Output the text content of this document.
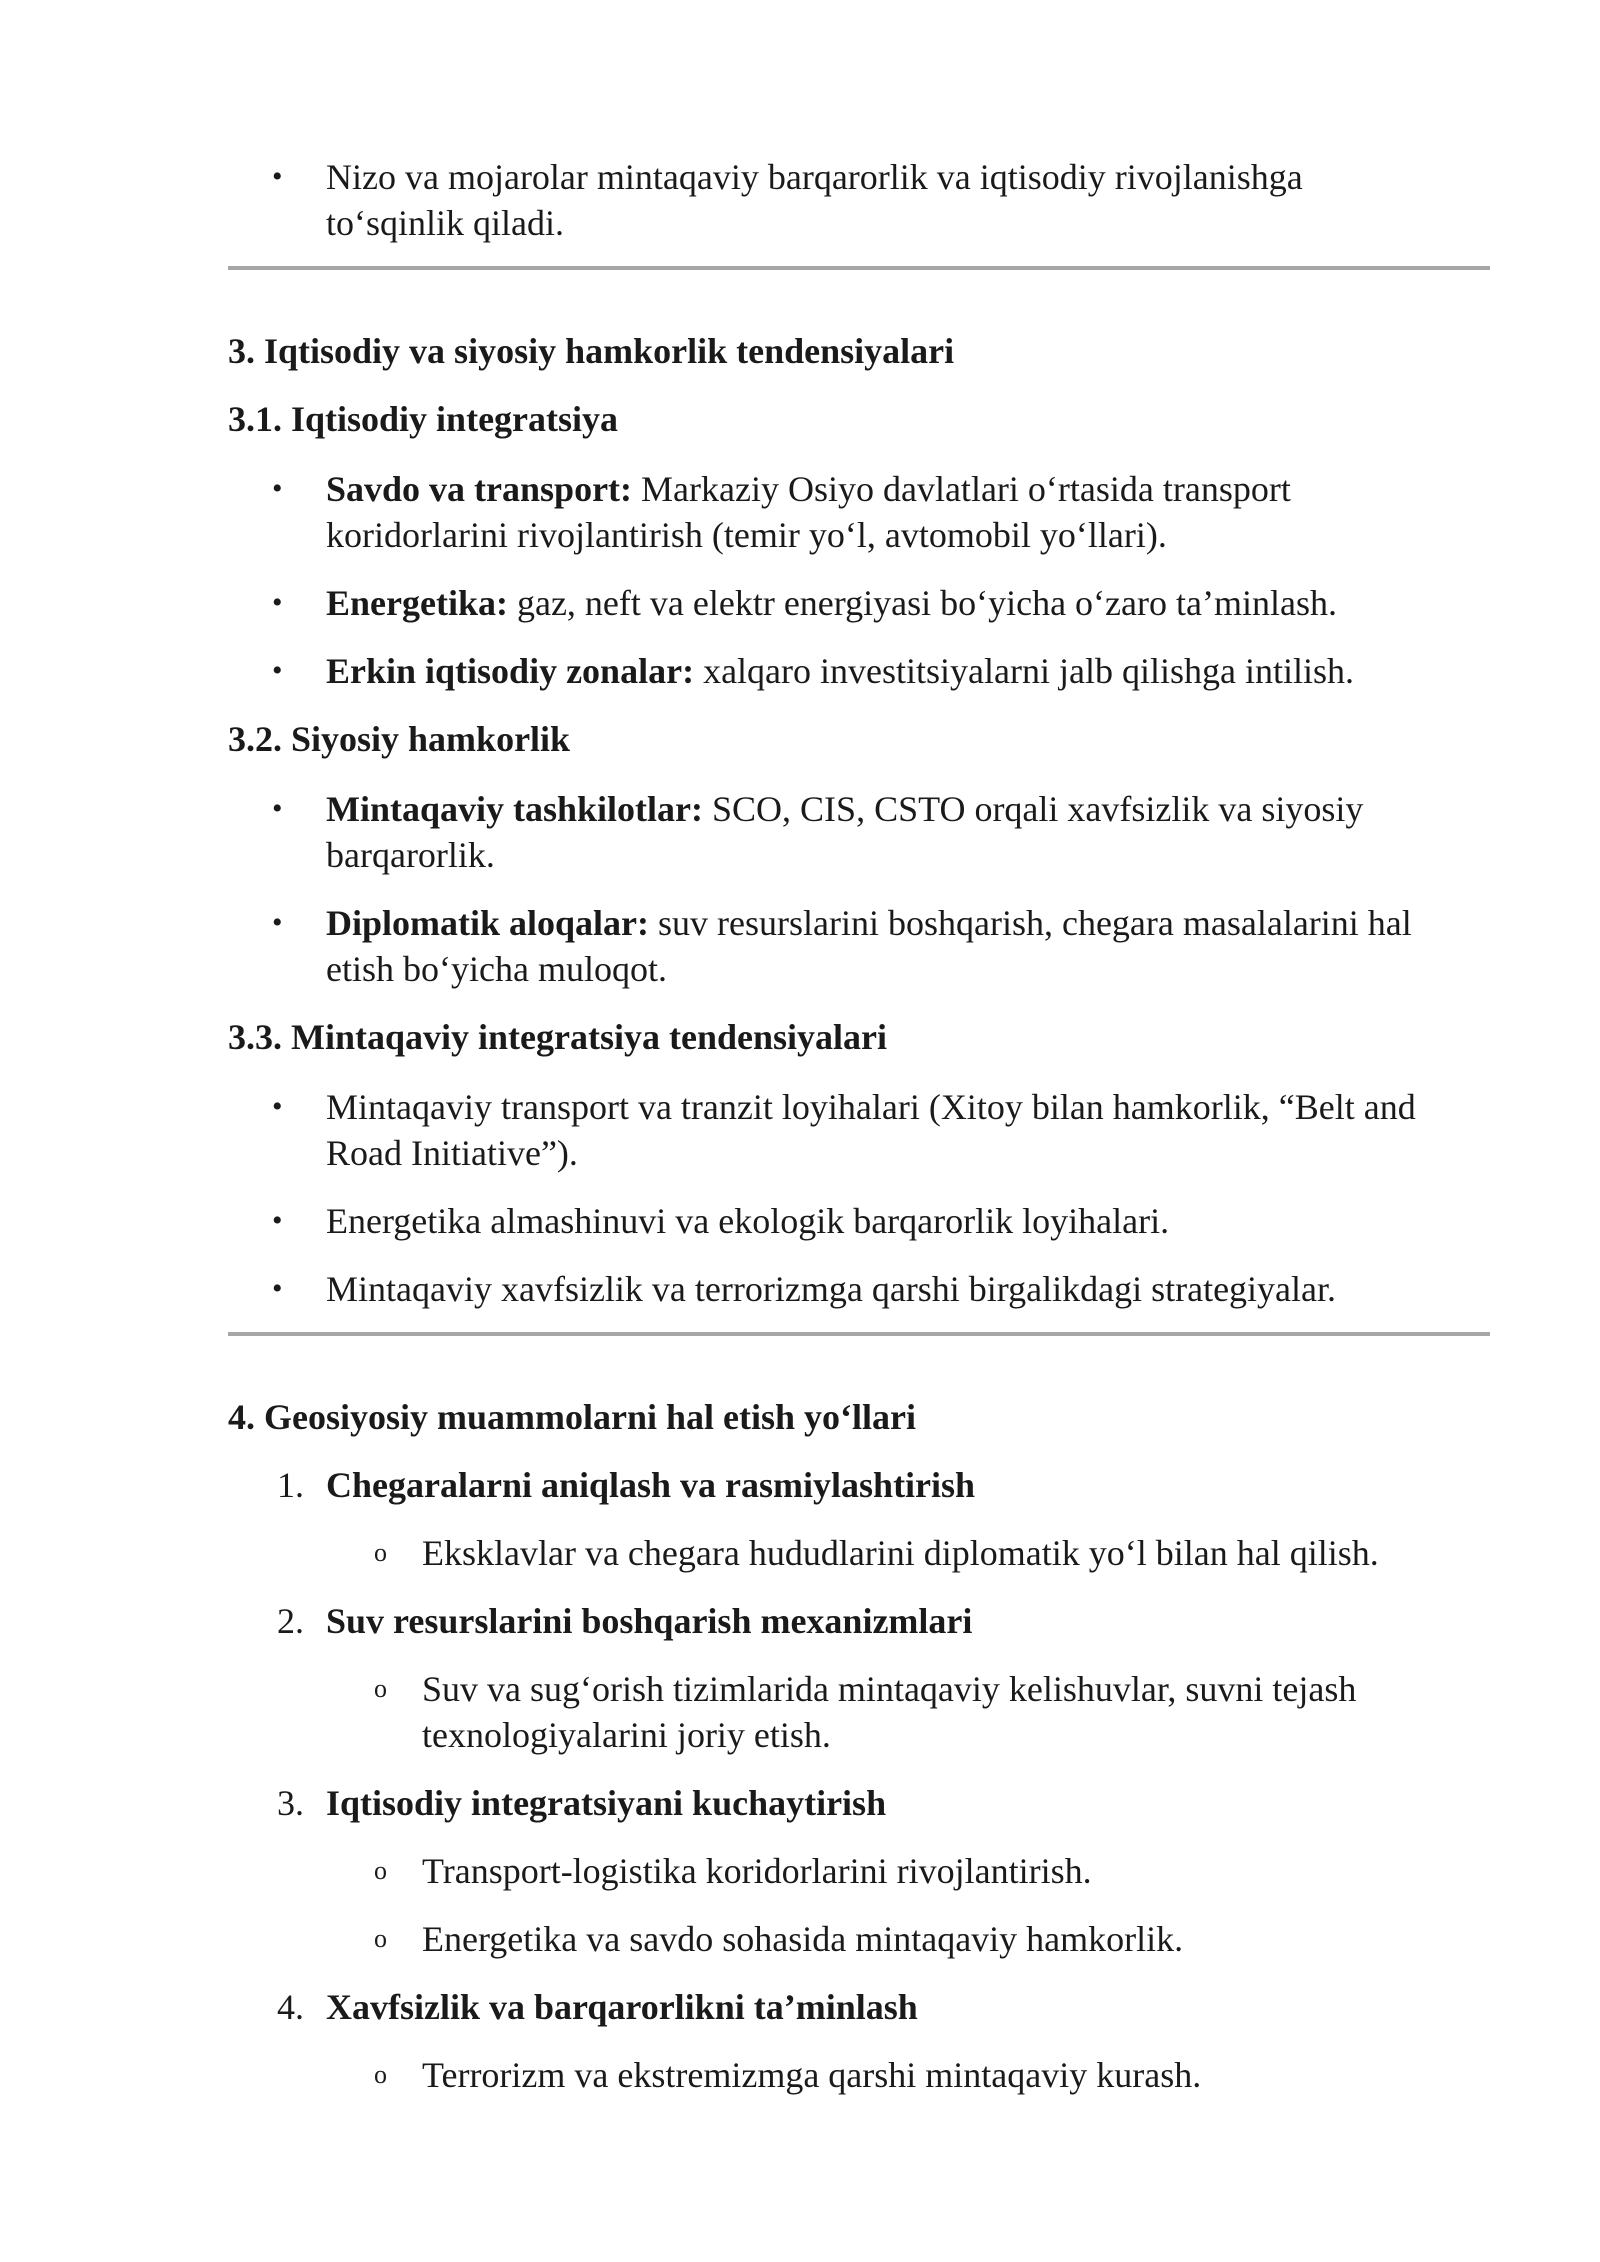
• Nizo va mojarolar mintaqaviy barqarorlik va iqtisodiy rivojlanishga
to‘sqinlik qiladi.
3. Iqtisodiy va siyosiy hamkorlik tendensiyalari
3.1. Iqtisodiy integratsiya
• Savdo va transport: Markaziy Osiyo davlatlari o‘rtasida transport
koridorlarini rivojlantirish (temir yo‘l, avtomobil yo‘llari).
• Energetika: gaz, neft va elektr energiyasi bo‘yicha o‘zaro ta’minlash.
• Erkin iqtisodiy zonalar: xalqaro investitsiyalarni jalb qilishga intilish.
3.2. Siyosiy hamkorlik
• Mintaqaviy tashkilotlar: SCO, CIS, CSTO orqali xavfsizlik va siyosiy
barqarorlik.
• Diplomatik aloqalar: suv resurslarini boshqarish, chegara masalalarini hal
etish bo‘yicha muloqot.
3.3. Mintaqaviy integratsiya tendensiyalari
• Mintaqaviy transport va tranzit loyihalari (Xitoy bilan hamkorlik, “Belt and
Road Initiative”).
• Energetika almashinuvi va ekologik barqarorlik loyihalari.
• Mintaqaviy xavfsizlik va terrorizmga qarshi birgalikdagi strategiyalar.
4. Geosiyosiy muammolarni hal etish yo‘llari
1. Chegaralarni aniqlash va rasmiylashtirish
o Eksklavlar va chegara hududlarini diplomatik yo‘l bilan hal qilish.
2. Suv resurslarini boshqarish mexanizmlari
o Suv va sug‘orish tizimlarida mintaqaviy kelishuvlar, suvni tejash
texnologiyalarini joriy etish.
3. Iqtisodiy integratsiyani kuchaytirish
o Transport-logistika koridorlarini rivojlantirish.
o Energetika va savdo sohasida mintaqaviy hamkorlik.
4. Xavfsizlik va barqarorlikni ta’minlash
o Terrorizm va ekstremizmga qarshi mintaqaviy kurash.
